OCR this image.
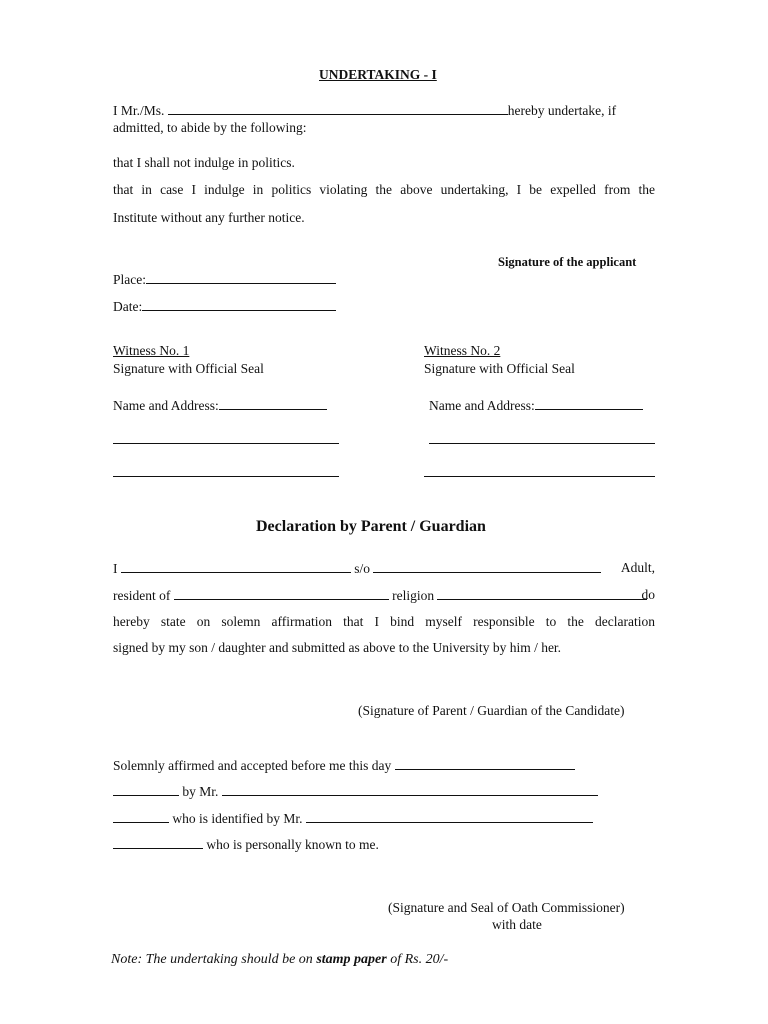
UNDERTAKING - I
I Mr./Ms.	hereby undertake, if
admitted, to abide by the following:
that I shall not indulge in politics.
that in case I indulge in politics violating the above undertaking, I be expelled from the
Institute without any further notice.
Signature of the applicant
Place:
Date:
Witness No. 1
Signature with Official Seal
Name and Address:
Witness No. 2
Signature with Official Seal
Name and Address:
Declaration by Parent / Guardian
I	s/o	Adult,
resident of	religion	do
hereby state on solemn affirmation that I bind myself responsible to the declaration
signed by my son / daughter and submitted as above to the University by him / her.
(Signature of Parent / Guardian of the Candidate)
Solemnly affirmed and accepted before me this day
by Mr.
who is identified by Mr.
who is personally known to me.
(Signature and Seal of Oath Commissioner)
with date
Note: The undertaking should be on stamp paper of Rs. 20/-
